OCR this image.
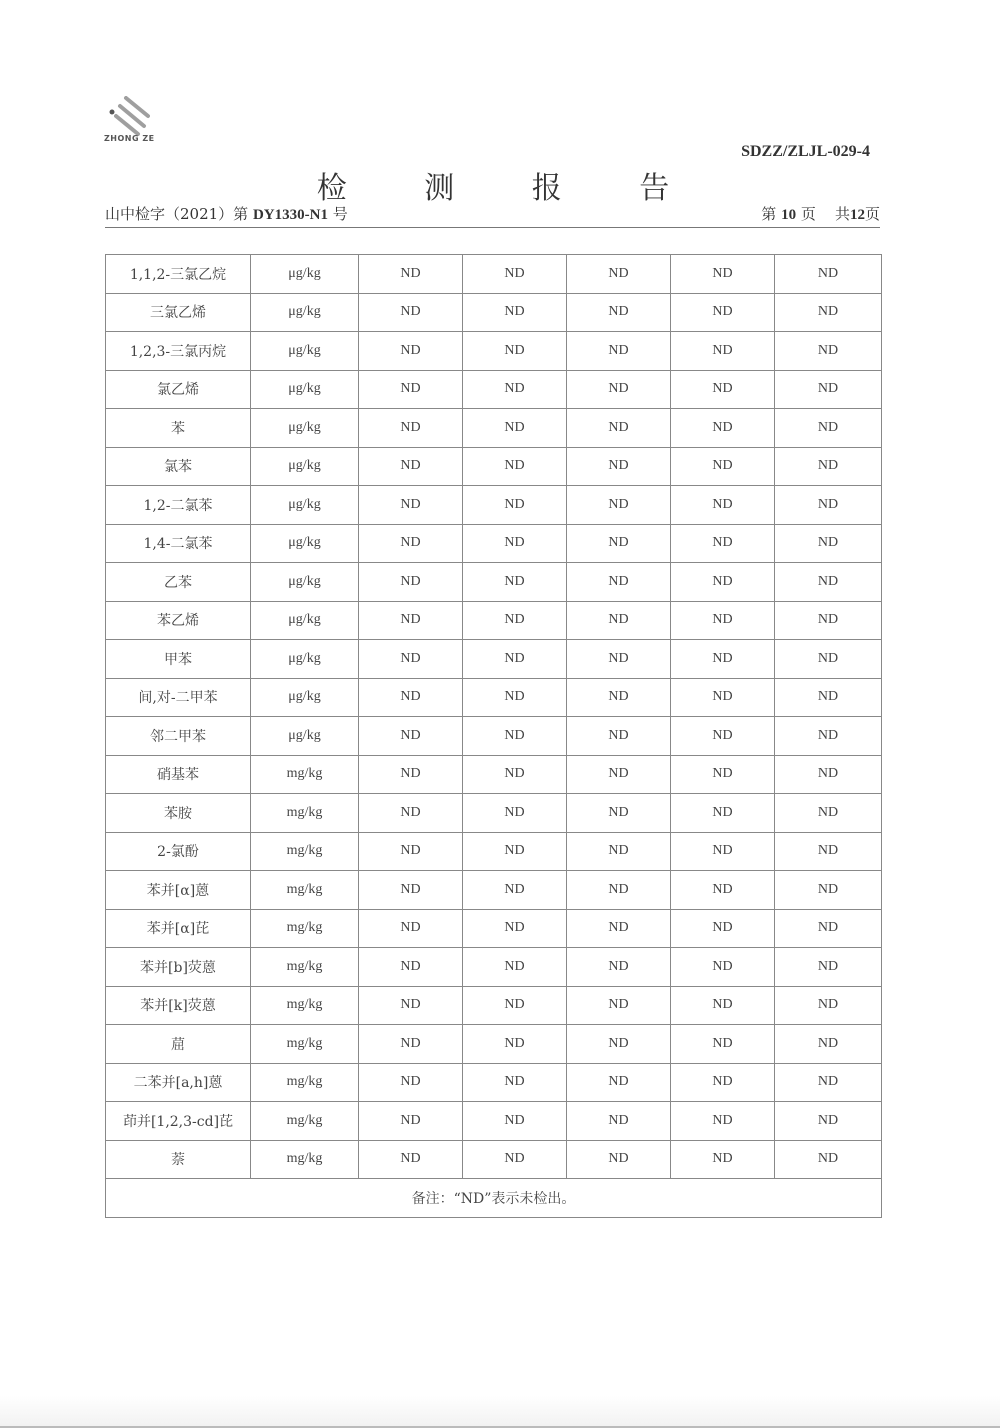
ZHONG ZE
SDZZ/ZLJL-029-4
检 测 报 告
山中检字（2021）第 DY1330-N1 号	第 10 页 共12页
1,1,2-三氯乙烷	μg/kg	ND	ND	ND	ND	ND
三氯乙烯	μg/kg	ND	ND	ND	ND	ND
1,2,3-三氯丙烷	μg/kg	ND	ND	ND	ND	ND
氯乙烯	μg/kg	ND	ND	ND	ND	ND
苯	μg/kg	ND	ND	ND	ND	ND
氯苯	μg/kg	ND	ND	ND	ND	ND
1,2-二氯苯	μg/kg	ND	ND	ND	ND	ND
1,4-二氯苯	μg/kg	ND	ND	ND	ND	ND
乙苯	μg/kg	ND	ND	ND	ND	ND
苯乙烯	μg/kg	ND	ND	ND	ND	ND
甲苯	μg/kg	ND	ND	ND	ND	ND
间,对-二甲苯	μg/kg	ND	ND	ND	ND	ND
邻二甲苯	μg/kg	ND	ND	ND	ND	ND
硝基苯	mg/kg	ND	ND	ND	ND	ND
苯胺	mg/kg	ND	ND	ND	ND	ND
2-氯酚	mg/kg	ND	ND	ND	ND	ND
苯并[α]蒽	mg/kg	ND	ND	ND	ND	ND
苯并[α]芘	mg/kg	ND	ND	ND	ND	ND
苯并[b]荧蒽	mg/kg	ND	ND	ND	ND	ND
苯并[k]荧蒽	mg/kg	ND	ND	ND	ND	ND
䓛	mg/kg	ND	ND	ND	ND	ND
二苯并[a,h]蒽	mg/kg	ND	ND	ND	ND	ND
茚并[1,2,3-cd]芘	mg/kg	ND	ND	ND	ND	ND
萘	mg/kg	ND	ND	ND	ND	ND
备注：“ND”表示未检出。						
